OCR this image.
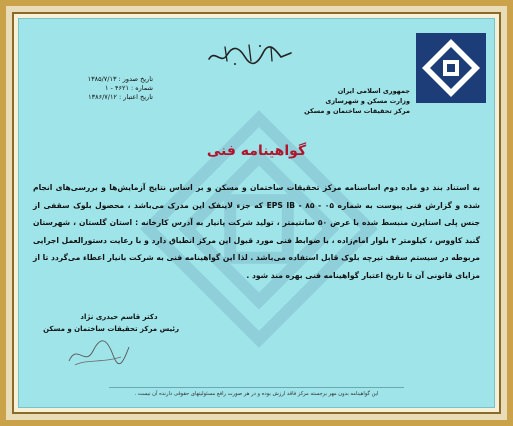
تاریخ صدور : ۱۳۸۵/۷/۱۳
شماره : ۴۶۲۱ - ۱
تاریخ اعتبار : ۱۳۸۶/۷/۱۲
جمهوری اسلامی ایران
وزارت مسکن و شهرسازی
مرکز تحقیقات ساختمان و مسکن
گواهینامه فنی
به استناد بند دو ماده دوم اساسنامه مرکز تحقیقات ساختمان و مسکن و بر اساس نتایج آزمایش‌ها و بررسی‌های انجام شده و گزارش فنی پیوست به شماره ۰۵ - ۸۵ - EPS IB که جزء لاینفک این مدرک می‌باشد ، محصول بلوک سقفی از جنس پلی استایرن منبسط شده با عرض ۵۰ سانتیمتر ، تولید شرکت پانیار به آدرس کارخانه : استان گلستان ، شهرستان گنبد کاووس ، کیلومتر ۲ بلوار امام‌زاده ، با ضوابط فنی مورد قبول این مرکز انطباق دارد و با رعایت دستورالعمل اجرایی مربوطه در سیستم سقف تیرچه بلوک قابل استفاده می‌باشد . لذا این گواهینامه فنی به شرکت بانیار اعطاء می‌گردد تا از مزایای قانونی آن تا تاریخ اعتبار گواهینامه فنی بهره مند شود .
دکتر قاسم حیدری نژاد
رئیس مرکز تحقیقات ساختمان و مسکن
این گواهینامه بدون مهر برجسته مرکز فاقد ارزش بوده و در هر صورت رافع مسئولیتهای حقوقی دارنده آن نیست .
